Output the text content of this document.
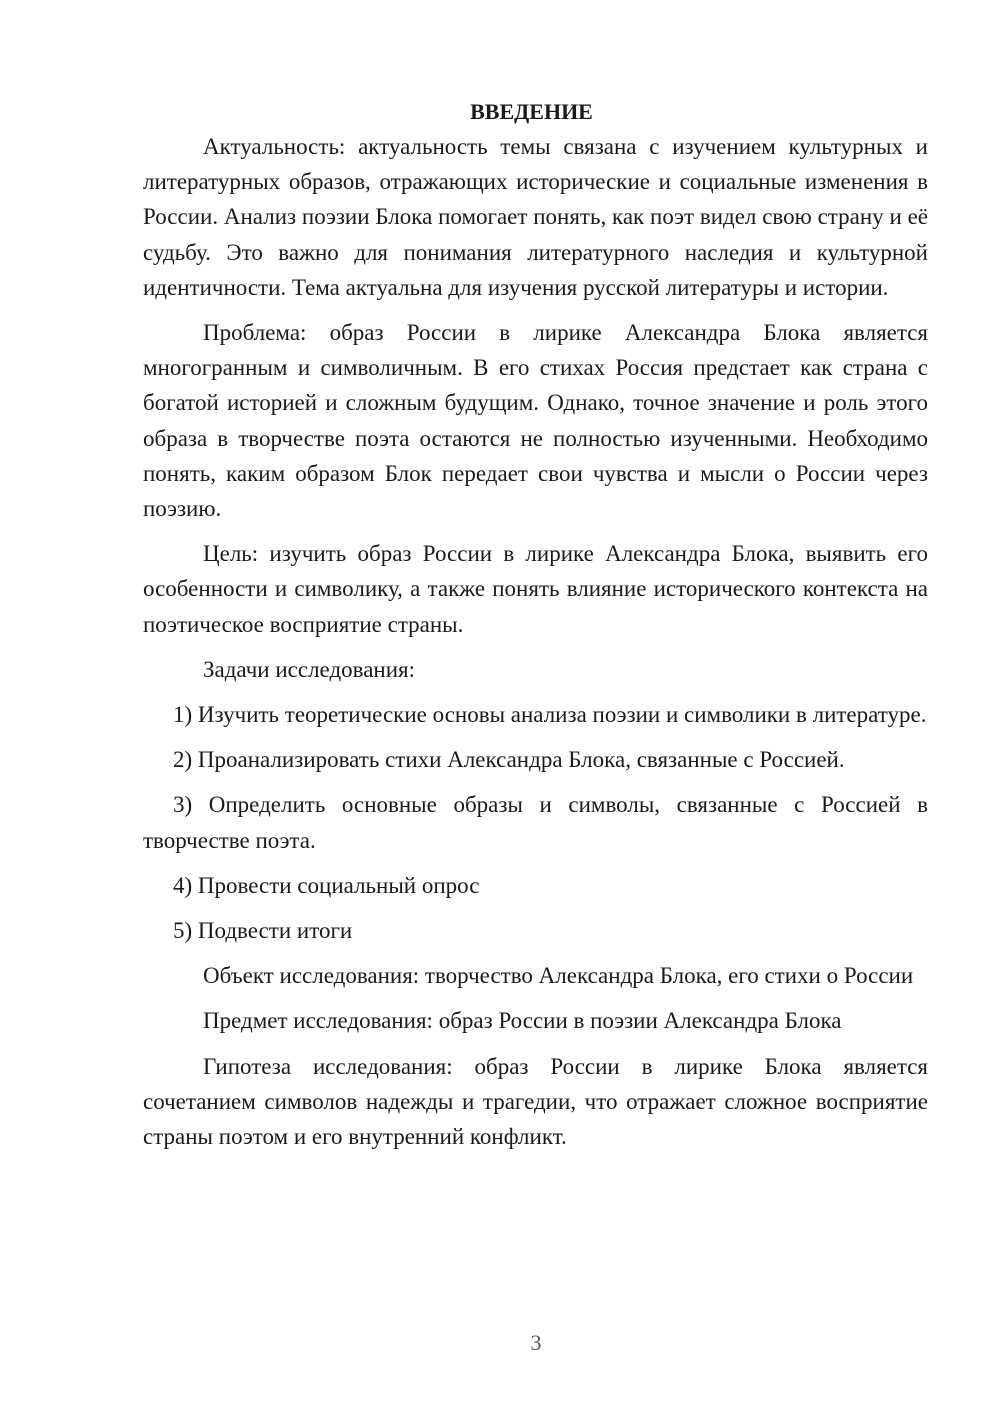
ВВЕДЕНИЕ

Актуальность: актуальность темы связана с изучением культурных и литературных образов, отражающих исторические и социальные изменения в России. Анализ поэзии Блока помогает понять, как поэт видел свою страну и её судьбу. Это важно для понимания литературного наследия и культурной идентичности. Тема актуальна для изучения русской литературы и истории.

Проблема: образ России в лирике Александра Блока является многогранным и символичным. В его стихах Россия предстает как страна с богатой историей и сложным будущим. Однако, точное значение и роль этого образа в творчестве поэта остаются не полностью изученными. Необходимо понять, каким образом Блок передает свои чувства и мысли о России через поэзию.

Цель: изучить образ России в лирике Александра Блока, выявить его особенности и символику, а также понять влияние исторического контекста на поэтическое восприятие страны.

Задачи исследования:

1) Изучить теоретические основы анализа поэзии и символики в литературе.

2) Проанализировать стихи Александра Блока, связанные с Россией.

3) Определить основные образы и символы, связанные с Россией в творчестве поэта.

4) Провести социальный опрос

5) Подвести итоги

Объект исследования: творчество Александра Блока, его стихи о России

Предмет исследования: образ России в поэзии Александра Блока

Гипотеза исследования: образ России в лирике Блока является сочетанием символов надежды и трагедии, что отражает сложное восприятие страны поэтом и его внутренний конфликт.

3
